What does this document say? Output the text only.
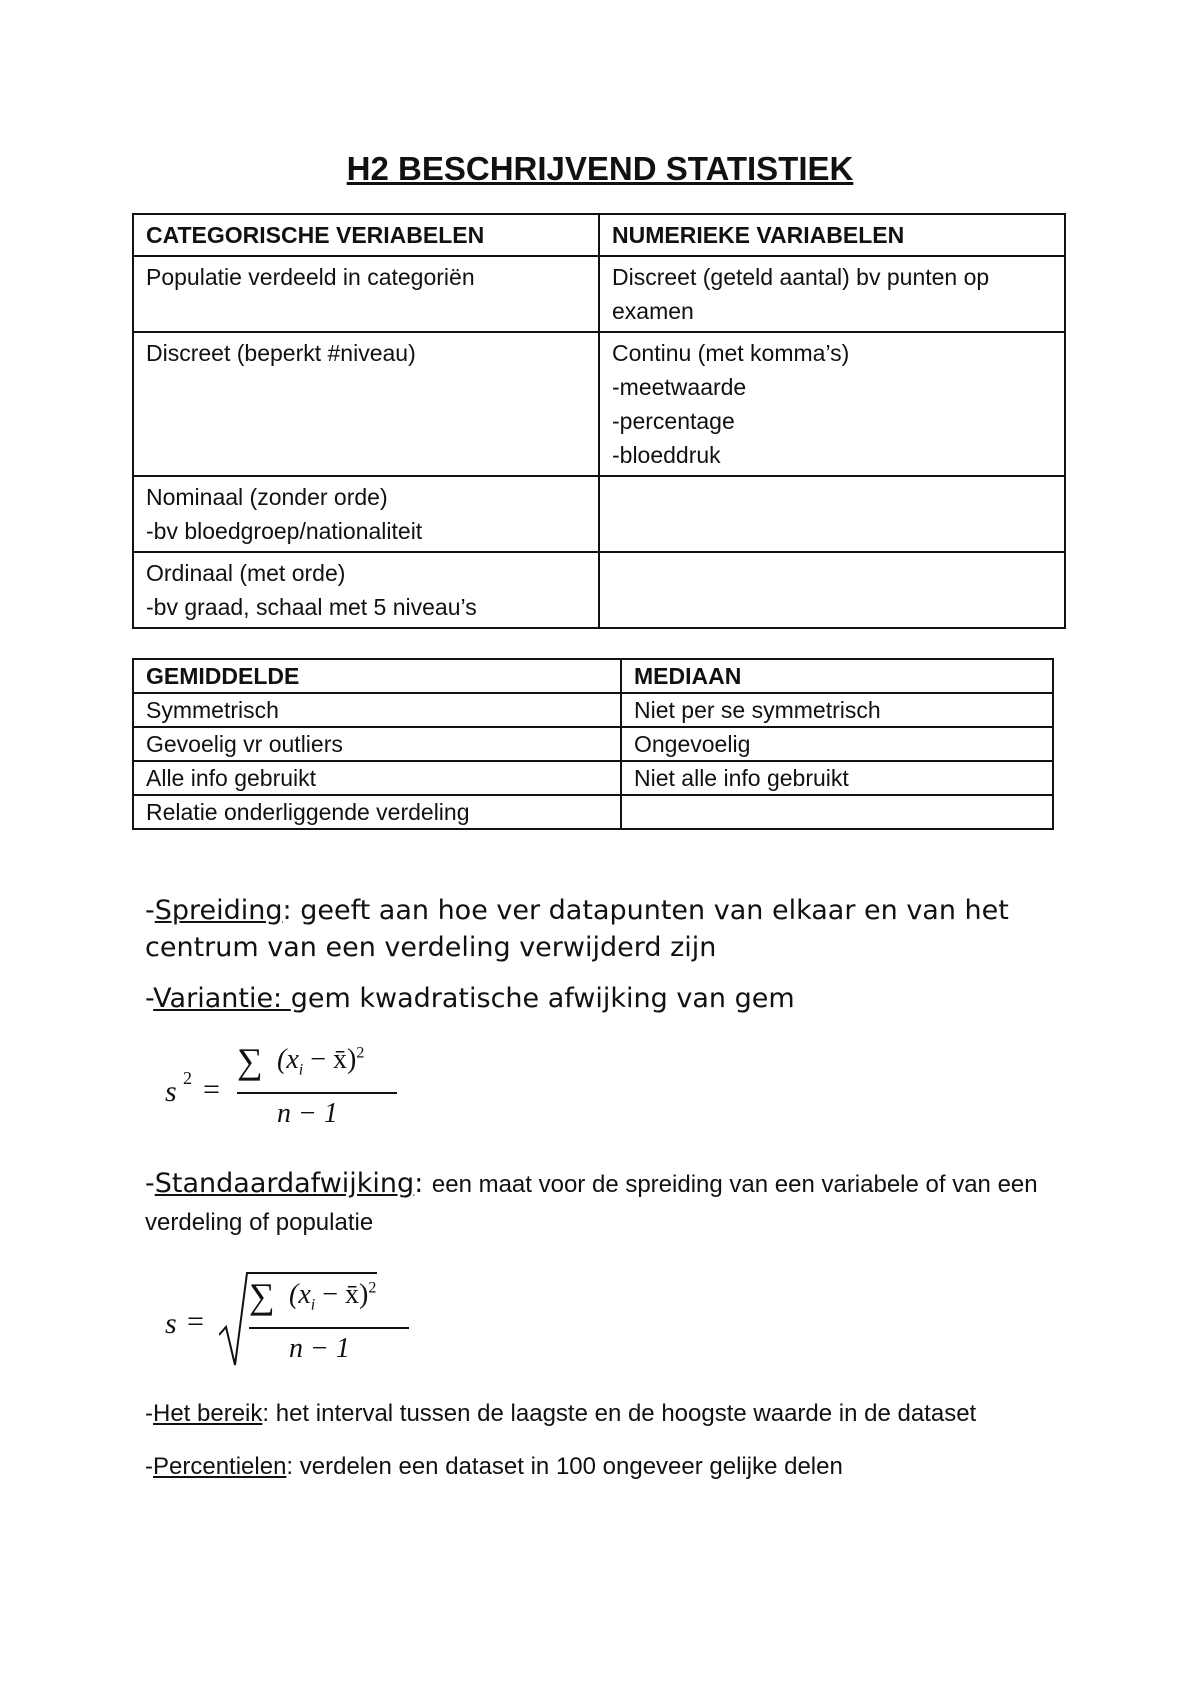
H2 BESCHRIJVEND STATISTIEK
CATEGORISCHE VERIABELEN	NUMERIEKE VARIABELEN

Populatie verdeeld in categoriën	Discreet (geteld aantal) bv punten op
examen

Discreet (beperkt #niveau)	Continu (met komma’s)
-meetwaarde
-percentage
-bloeddruk

Nominaal (zonder orde)
-bv bloedgroep/nationaliteit	

Ordinaal (met orde)
-bv graad, schaal met 5 niveau’s	

GEMIDDELDE	MEDIAAN
Symmetrisch	Niet per se symmetrisch
Gevoelig vr outliers	Ongevoelig
Alle info gebruikt	Niet alle info gebruikt
Relatie onderliggende verdeling	
-Spreiding: geeft aan hoe ver datapunten van elkaar en van het centrum van een verdeling verwijderd zijn
-Variantie: gem kwadratische afwijking van gem
s 2 =
∑ ($x_i$ − x̄)$^2$
n − 1
-Standaardafwijking: een maat voor de spreiding van een variabele of van een verdeling of populatie
s =
∑ ($x_i$ − x̄)$^2$
n − 1
-Het bereik: het interval tussen de laagste en de hoogste waarde in de dataset
-Percentielen: verdelen een dataset in 100 ongeveer gelijke delen
